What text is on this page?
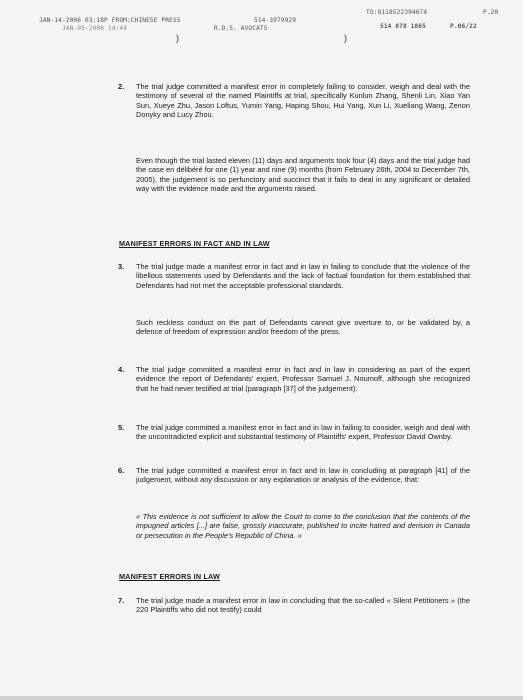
JAN-14-2006 03:18P FROM:CHINESE PRESS	514-3979929
TO:0118522394674	P.20
JAN-05-2006 14:44	R.D.S. AVOCATS	514 878 1865	P.06/22
)	)
2. The trial judge committed a manifest error in completely failing to consider, weigh and deal with the testimony of several of the named Plaintiffs at trial, specifically Kunlun Zhang, Shenli Lin, Xiao Yan Sun, Xueye Zhu, Jason Loftus, Yumin Yang, Haping Shou, Hui Yang, Xun Li, Xueliang Wang, Zenon Donyky and Lucy Zhou.
Even though the trial lasted eleven (11) days and arguments took four (4) days and the trial judge had the case en délibéré for one (1) year and nine (9) months (from February 26th, 2004 to December 7th, 2005), the judgement is so perfunctory and succinct that it fails to deal in any significant or detailed way with the evidence made and the arguments raised.
MANIFEST ERRORS IN FACT AND IN LAW
3. The trial judge made a manifest error in fact and in law in failing to conclude that the violence of the libellous statements used by Defendants and the lack of factual foundation for them established that Defendants had not met the acceptable professional standards.
Such reckless conduct on the part of Defendants cannot give overture to, or be validated by, a defence of freedom of expression and/or freedom of the press.
4. The trial judge committed a manifest error in fact and in law in considering as part of the expert evidence the report of Defendants' expert, Professor Samuel J. Noumoff, although she recognized that he had never testified at trial (paragraph [37] of the judgement).
5. The trial judge committed a manifest error in fact and in law in failing to consider, weigh and deal with the uncontradicted explicit and substantial testimony of Plaintiffs' expert, Professor David Ownby.
6. The trial judge committed a manifest error in fact and in law in concluding at paragraph [41] of the judgement, without any discussion or any explanation or analysis of the evidence, that:
« This evidence is not sufficient to allow the Court to come to the conclusion that the contents of the impugned articles [...] are false, grossly inaccurate, published to incite hatred and derision in Canada or persecution in the People's Republic of China. »
MANIFEST ERRORS IN LAW
7. The trial judge made a manifest error in law in concluding that the so-called « Silent Petitioners » (the 220 Plaintiffs who did not testify) could
